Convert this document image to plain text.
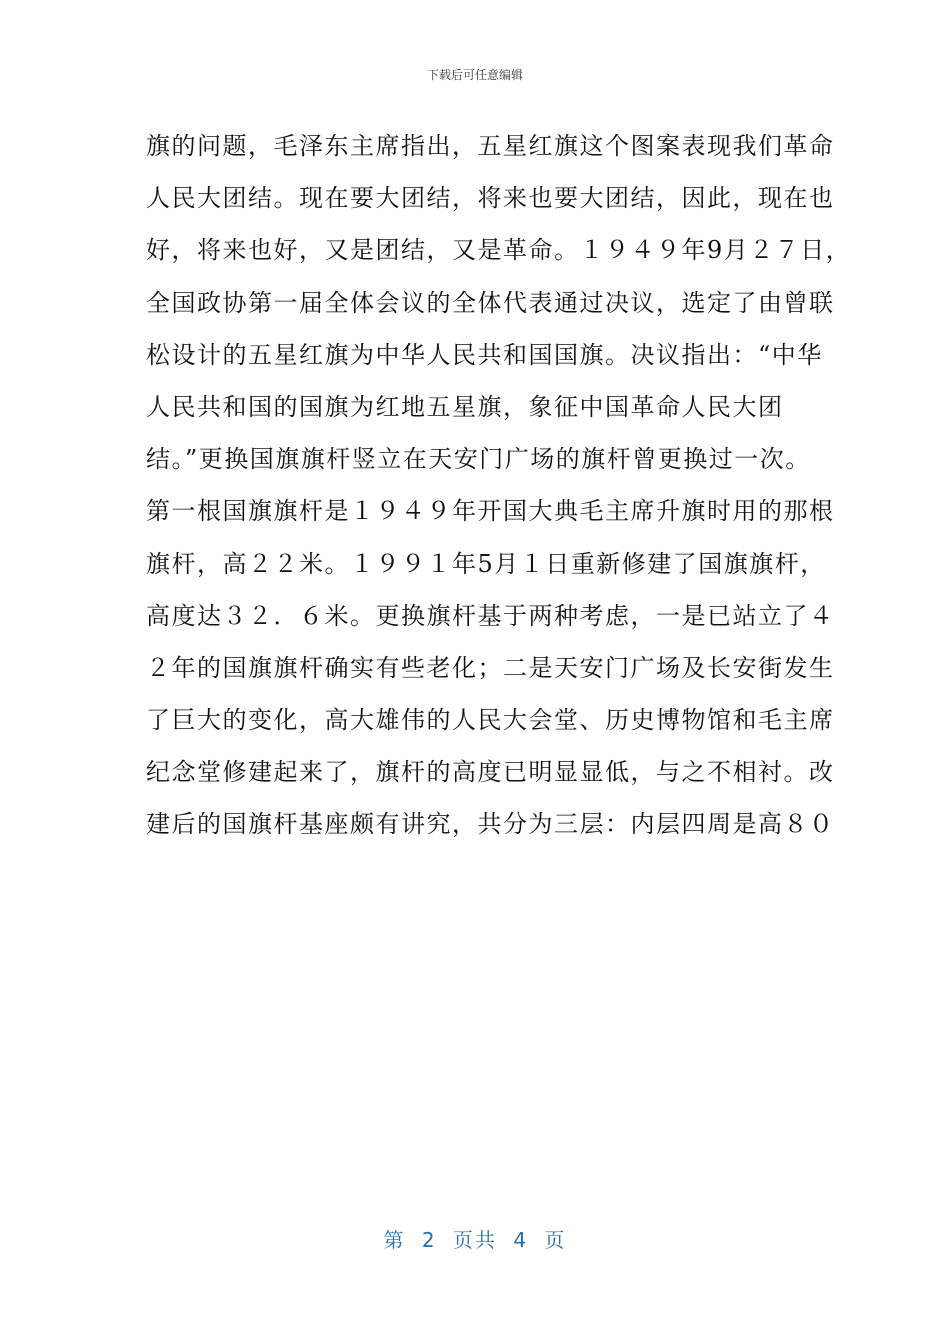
下载后可任意编辑
旗的问题，毛泽东主席指出，五星红旗这个图案表现我们革命
人民大团结。现在要大团结，将来也要大团结，因此，现在也
好，将来也好，又是团结，又是革命。１９４９年9月２７日，
全国政协第一届全体会议的全体代表通过决议，选定了由曾联
松设计的五星红旗为中华人民共和国国旗。决议指出：“中华
人民共和国的国旗为红地五星旗，象征中国革命人民大团
结。”更换国旗旗杆竖立在天安门广场的旗杆曾更换过一次。
第一根国旗旗杆是１９４９年开国大典毛主席升旗时用的那根
旗杆，高２２米。１９９１年5月１日重新修建了国旗旗杆，
高度达３２．６米。更换旗杆基于两种考虑，一是已站立了４
２年的国旗旗杆确实有些老化；二是天安门广场及长安街发生
了巨大的变化，高大雄伟的人民大会堂、历史博物馆和毛主席
纪念堂修建起来了，旗杆的高度已明显显低，与之不相衬。改
建后的国旗杆基座颇有讲究，共分为三层：内层四周是高８０
第 2 页共 4 页
